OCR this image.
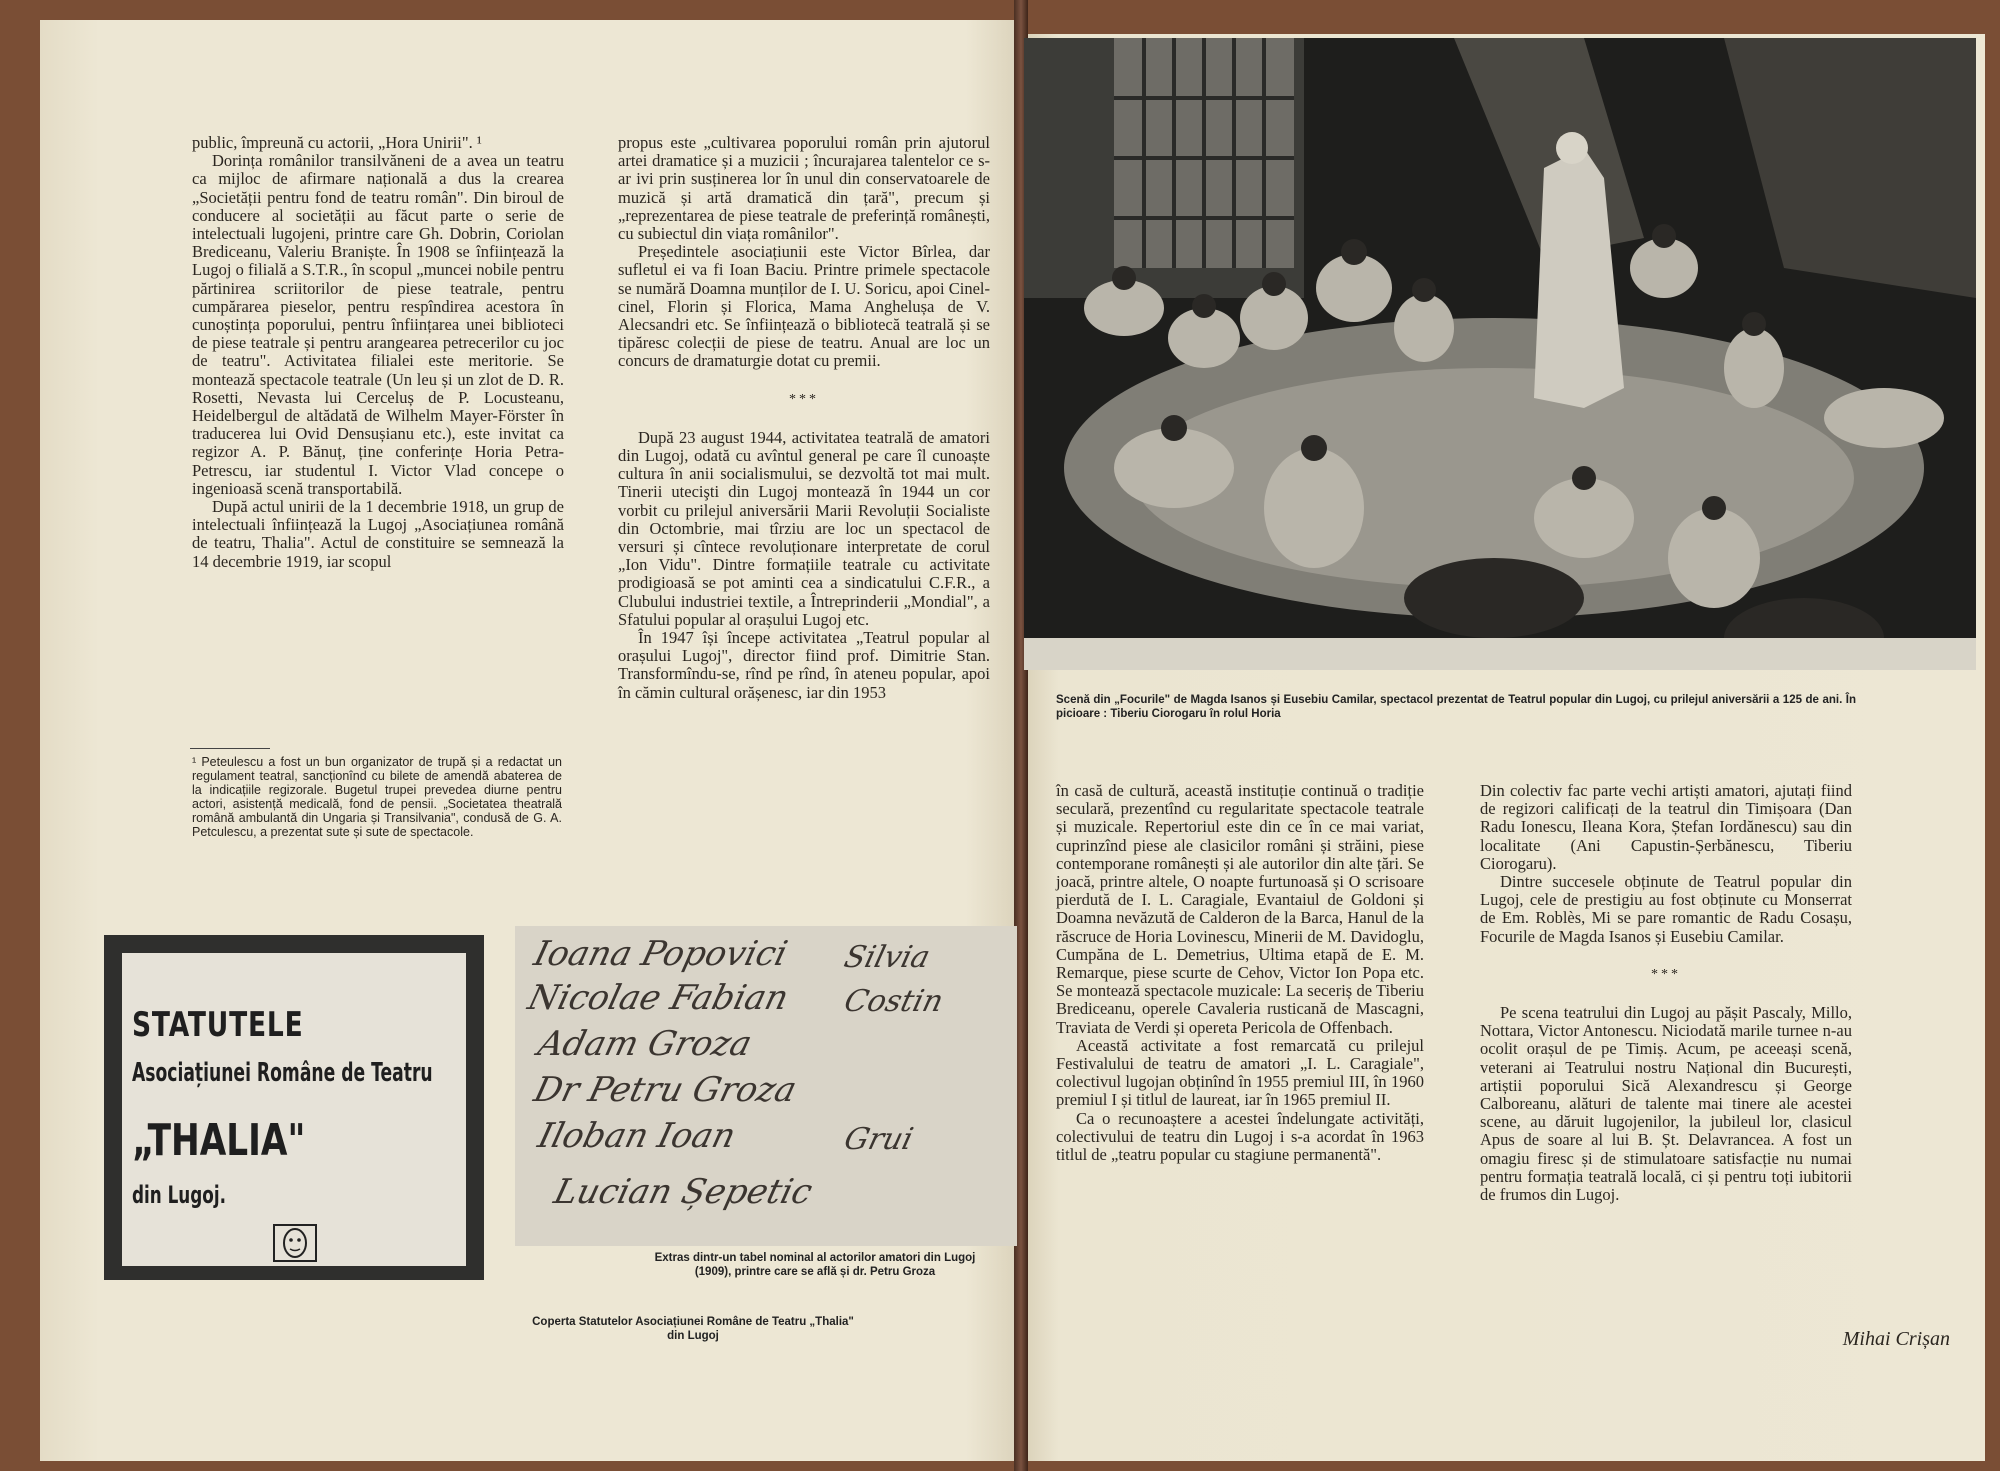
public, împreună cu actorii, „Hora Unirii". ¹

Dorința românilor transilvăneni de a avea un teatru ca mijloc de afirmare națională a dus la crearea „Societății pentru fond de teatru român". Din biroul de conducere al societății au făcut parte o serie de intelectuali lugojeni, printre care Gh. Dobrin, Coriolan Brediceanu, Valeriu Braniște. În 1908 se înființează la Lugoj o filială a S.T.R., în scopul „muncei nobile pentru părtinirea scriitorilor de piese teatrale, pentru cumpărarea pieselor, pentru respîndirea acestora în cunoștința poporului, pentru înființarea unei biblioteci de piese teatrale și pentru arangearea petrecerilor cu joc de teatru". Activitatea filialei este meritorie. Se montează spectacole teatrale (Un leu și un zlot de D. R. Rosetti, Nevasta lui Cerceluș de P. Locusteanu, Heidelbergul de altădată de Wilhelm Mayer-Förster în traducerea lui Ovid Densușianu etc.), este invitat ca regizor A. P. Bănuț, ține conferințe Horia Petra-Petrescu, iar studentul I. Victor Vlad concepe o ingenioasă scenă transportabilă.

După actul unirii de la 1 decembrie 1918, un grup de intelectuali înființează la Lugoj „Asociațiunea română de teatru, Thalia". Actul de constituire se semnează la 14 decembrie 1919, iar scopul

¹ Peteulescu a fost un bun organizator de trupă și a redactat un regulament teatral, sancționînd cu bilete de amendă abaterea de la indicațiile regizorale. Bugetul trupei prevedea diurne pentru actori, asistență medicală, fond de pensii. „Societatea theatrală română ambulantă din Ungaria și Transilvania", condusă de G. A. Petculescu, a prezentat sute și sute de spectacole.

propus este „cultivarea poporului român prin ajutorul artei dramatice și a muzicii ; încurajarea talentelor ce s-ar ivi prin susținerea lor în unul din conservatoarele de muzică și artă dramatică din țară", precum și „reprezentarea de piese teatrale de preferință românești, cu subiectul din viața românilor".

Președintele asociațiunii este Victor Bîrlea, dar sufletul ei va fi Ioan Baciu. Printre primele spectacole se numără Doamna munților de I. U. Soricu, apoi Cinel-cinel, Florin și Florica, Mama Anghelușa de V. Alecsandri etc. Se înființează o bibliotecă teatrală și se tipăresc colecții de piese de teatru. Anual are loc un concurs de dramaturgie dotat cu premii.

***

După 23 august 1944, activitatea teatrală de amatori din Lugoj, odată cu avîntul general pe care îl cunoaște cultura în anii socialismului, se dezvoltă tot mai mult. Tinerii utecişti din Lugoj montează în 1944 un cor vorbit cu prilejul aniversării Marii Revoluții Socialiste din Octombrie, mai tîrziu are loc un spectacol de versuri și cîntece revoluționare interpretate de corul „Ion Vidu". Dintre formațiile teatrale cu activitate prodigioasă se pot aminti cea a sindicatului C.F.R., a Clubului industriei textile, a Întreprinderii „Mondial", a Sfatului popular al orașului Lugoj etc.

În 1947 își începe activitatea „Teatrul popular al orașului Lugoj", director fiind prof. Dimitrie Stan. Transformîndu-se, rînd pe rînd, în ateneu popular, apoi în cămin cultural orășenesc, iar din 1953

STATUTELE
Asociațiunei Române de Teatru
„THALIA"
din Lugoj.
Coperta Statutelor Asociațiunei Române de Teatru „Thalia" din Lugoj
Ioana Popovici
Nicolae Fabian
Adam Groza
Dr Petru Groza
Iloban Ioan
Lucian Șepetic
Silvia
Costin
Grui
Extras dintr-un tabel nominal al actorilor amatori din Lugoj (1909), printre care se află și dr. Petru Groza
Scenă din „Focurile" de Magda Isanos și Eusebiu Camilar, spectacol prezentat de Teatrul popular din Lugoj, cu prilejul aniversării a 125 de ani. În picioare : Tiberiu Ciorogaru în rolul Horia

în casă de cultură, această instituție continuă o tradiție seculară, prezentînd cu regularitate spectacole teatrale și muzicale. Repertoriul este din ce în ce mai variat, cuprinzînd piese ale clasicilor români și străini, piese contemporane românești și ale autorilor din alte țări. Se joacă, printre altele, O noapte furtunoasă și O scrisoare pierdută de I. L. Caragiale, Evantaiul de Goldoni și Doamna nevăzută de Calderon de la Barca, Hanul de la răscruce de Horia Lovinescu, Minerii de M. Davidoglu, Cumpăna de L. Demetrius, Ultima etapă de E. M. Remarque, piese scurte de Cehov, Victor Ion Popa etc. Se montează spectacole muzicale: La seceriș de Tiberiu Brediceanu, operele Cavaleria rusticană de Mascagni, Traviata de Verdi și opereta Pericola de Offenbach.

Această activitate a fost remarcată cu prilejul Festivalului de teatru de amatori „I. L. Caragiale", colectivul lugojan obținînd în 1955 premiul III, în 1960 premiul I și titlul de laureat, iar în 1965 premiul II.

Ca o recunoaștere a acestei îndelungate activități, colectivului de teatru din Lugoj i s-a acordat în 1963 titlul de „teatru popular cu stagiune permanentă".

Din colectiv fac parte vechi artiști amatori, ajutați fiind de regizori calificați de la teatrul din Timișoara (Dan Radu Ionescu, Ileana Kora, Ștefan Iordănescu) sau din localitate (Ani Capustin-Șerbănescu, Tiberiu Ciorogaru).

Dintre succesele obținute de Teatrul popular din Lugoj, cele de prestigiu au fost obținute cu Monserrat de Em. Roblès, Mi se pare romantic de Radu Cosașu, Focurile de Magda Isanos și Eusebiu Camilar.

***

Pe scena teatrului din Lugoj au pășit Pascaly, Millo, Nottara, Victor Antonescu. Niciodată marile turnee n-au ocolit orașul de pe Timiș. Acum, pe aceeași scenă, veterani ai Teatrului nostru Național din București, artiștii poporului Sică Alexandrescu și George Calboreanu, alături de talente mai tinere ale acestei scene, au dăruit lugojenilor, la jubileul lor, clasicul Apus de soare al lui B. Șt. Delavrancea. A fost un omagiu firesc și de stimulatoare satisfacție nu numai pentru formația teatrală locală, ci și pentru toți iubitorii de frumos din Lugoj.

Mihai Crișan
